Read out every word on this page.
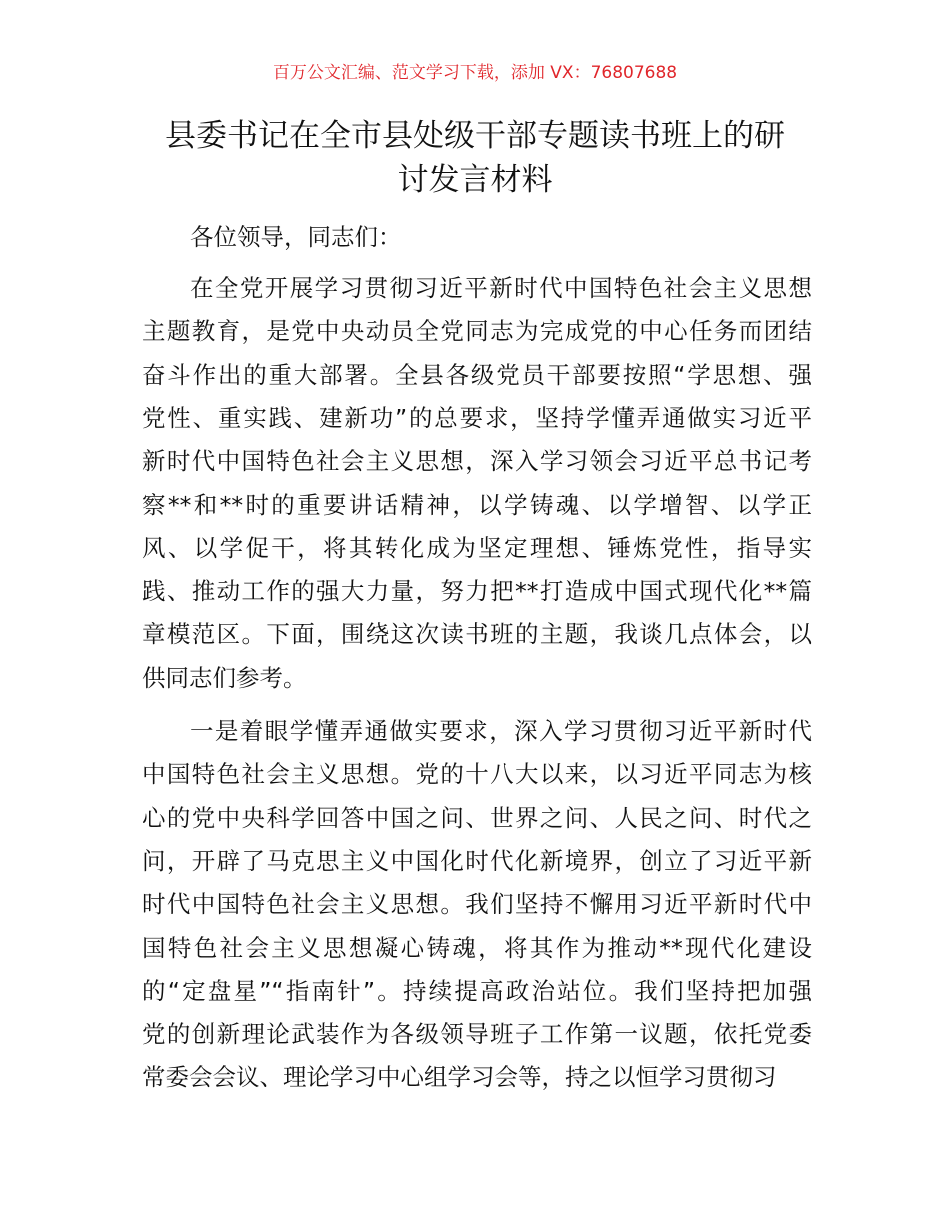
百万公文汇编、范文学习下载，添加 VX：76807688
县委书记在全市县处级干部专题读书班上的研
讨发言材料
各位领导，同志们：
在全党开展学习贯彻习近平新时代中国特色社会主义思想
主题教育，是党中央动员全党同志为完成党的中心任务而团结
奋斗作出的重大部署。全县各级党员干部要按照“学思想、强
党性、重实践、建新功”的总要求，坚持学懂弄通做实习近平
新时代中国特色社会主义思想，深入学习领会习近平总书记考
察**和**时的重要讲话精神，以学铸魂、以学增智、以学正
风、以学促干，将其转化成为坚定理想、锤炼党性，指导实
践、推动工作的强大力量，努力把**打造成中国式现代化**篇
章模范区。下面，围绕这次读书班的主题，我谈几点体会，以
供同志们参考。
一是着眼学懂弄通做实要求，深入学习贯彻习近平新时代
中国特色社会主义思想。党的十八大以来，以习近平同志为核
心的党中央科学回答中国之问、世界之问、人民之问、时代之
问，开辟了马克思主义中国化时代化新境界，创立了习近平新
时代中国特色社会主义思想。我们坚持不懈用习近平新时代中
国特色社会主义思想凝心铸魂，将其作为推动**现代化建设
的“定盘星”“指南针”。持续提高政治站位。我们坚持把加强
党的创新理论武装作为各级领导班子工作第一议题，依托党委
常委会会议、理论学习中心组学习会等，持之以恒学习贯彻习
